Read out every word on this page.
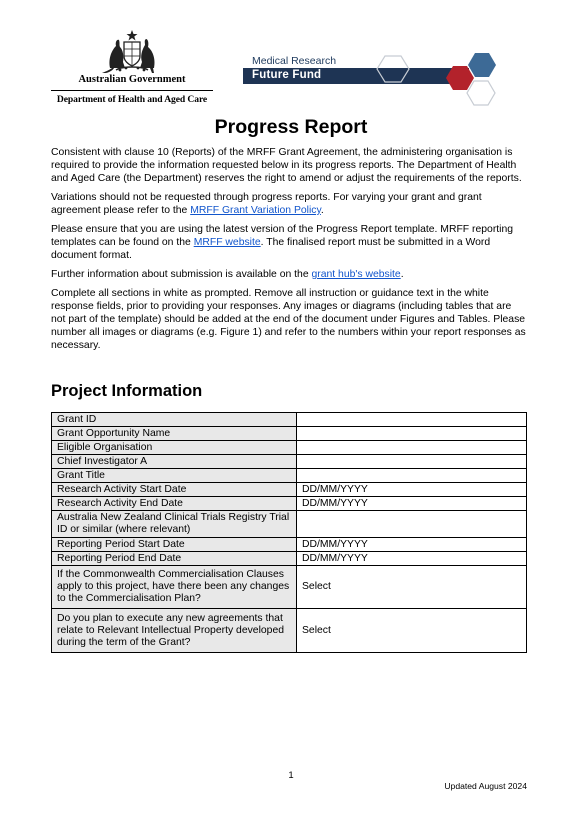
Australian Government
Department of Health and Aged Care
Medical Research
Future Fund
Progress Report

Consistent with clause 10 (Reports) of the MRFF Grant Agreement, the administering organisation is required to provide the information requested below in its progress reports. The Department of Health and Aged Care (the Department) reserves the right to amend or adjust the requirements of the reports.

Variations should not be requested through progress reports. For varying your grant and grant agreement please refer to the MRFF Grant Variation Policy.

Please ensure that you are using the latest version of the Progress Report template. MRFF reporting templates can be found on the MRFF website. The finalised report must be submitted in a Word document format.

Further information about submission is available on the grant hub's website.

Complete all sections in white as prompted. Remove all instruction or guidance text in the white response fields, prior to providing your responses. Any images or diagrams (including tables that are not part of the template) should be added at the end of the document under Figures and Tables. Please number all images or diagrams (e.g. Figure 1) and refer to the numbers within your report responses as necessary.

Project Information
Grant ID	
Grant Opportunity Name	
Eligible Organisation	
Chief Investigator A	
Grant Title	
Research Activity Start Date	DD/MM/YYYY
Research Activity End Date	DD/MM/YYYY
Australia New Zealand Clinical Trials Registry Trial ID or similar (where relevant)	
Reporting Period Start Date	DD/MM/YYYY
Reporting Period End Date	DD/MM/YYYY
If the Commonwealth Commercialisation Clauses apply to this project, have there been any changes to the Commercialisation Plan?	Select
Do you plan to execute any new agreements that relate to Relevant Intellectual Property developed during the term of the Grant?	Select
1
Updated August 2024
